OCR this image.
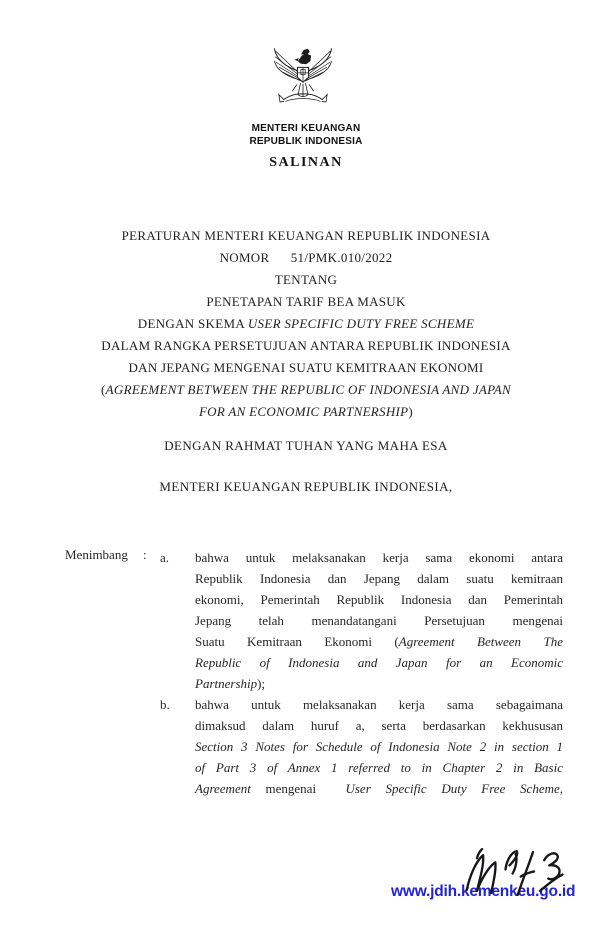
MENTERI KEUANGAN
REPUBLIK INDONESIA
SALINAN
PERATURAN MENTERI KEUANGAN REPUBLIK INDONESIA
NOMOR      51/PMK.010/2022
TENTANG
PENETAPAN TARIF BEA MASUK
DENGAN SKEMA USER SPECIFIC DUTY FREE SCHEME
DALAM RANGKA PERSETUJUAN ANTARA REPUBLIK INDONESIA
DAN JEPANG MENGENAI SUATU KEMITRAAN EKONOMI
(AGREEMENT BETWEEN THE REPUBLIC OF INDONESIA AND JAPAN
FOR AN ECONOMIC PARTNERSHIP)
DENGAN RAHMAT TUHAN YANG MAHA ESA
MENTERI KEUANGAN REPUBLIK INDONESIA,
Menimbang : a.	bahwa untuk melaksanakan kerja sama ekonomi antara
Republik Indonesia dan Jepang dalam suatu kemitraan
ekonomi, Pemerintah Republik Indonesia dan Pemerintah
Jepang telah menandatangani Persetujuan mengenai
Suatu Kemitraan Ekonomi (Agreement Between The
Republic of Indonesia and Japan for an Economic
Partnership);
b.	bahwa untuk melaksanakan kerja sama sebagaimana
dimaksud dalam huruf a, serta berdasarkan kekhususan
Section 3 Notes for Schedule of Indonesia Note 2 in section 1
of Part 3 of Annex 1 referred to in Chapter 2 in Basic
Agreement mengenai  User Specific Duty Free Scheme,
www.jdih.kemenkeu.go.id
